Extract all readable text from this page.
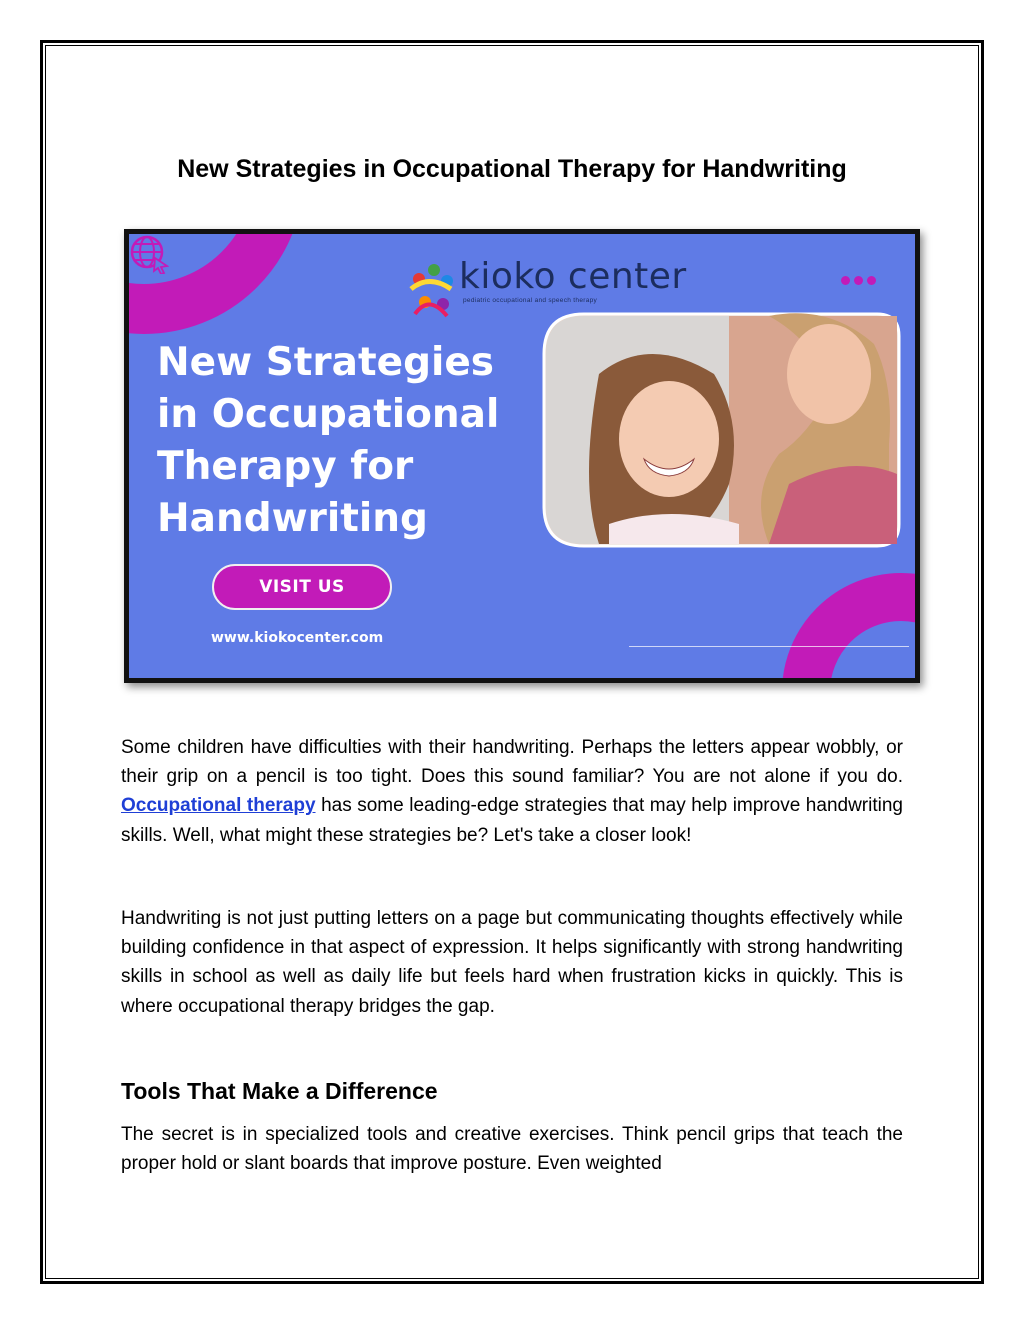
New Strategies in Occupational Therapy for Handwriting
kioko center
pediatric occupational and speech therapy
New Strategies
in Occupational
Therapy for
Handwriting
VISIT US
www.kiokocenter.com

Some children have difficulties with their handwriting. Perhaps the letters appear wobbly, or their grip on a pencil is too tight. Does this sound familiar? You are not alone if you do. Occupational therapy has some leading-edge strategies that may help improve handwriting skills. Well, what might these strategies be? Let's take a closer look!

Handwriting is not just putting letters on a page but communicating thoughts effectively while building confidence in that aspect of expression. It helps significantly with strong handwriting skills in school as well as daily life but feels hard when frustration kicks in quickly. This is where occupational therapy bridges the gap.

Tools That Make a Difference

The secret is in specialized tools and creative exercises. Think pencil grips that teach the proper hold or slant boards that improve posture. Even weighted
